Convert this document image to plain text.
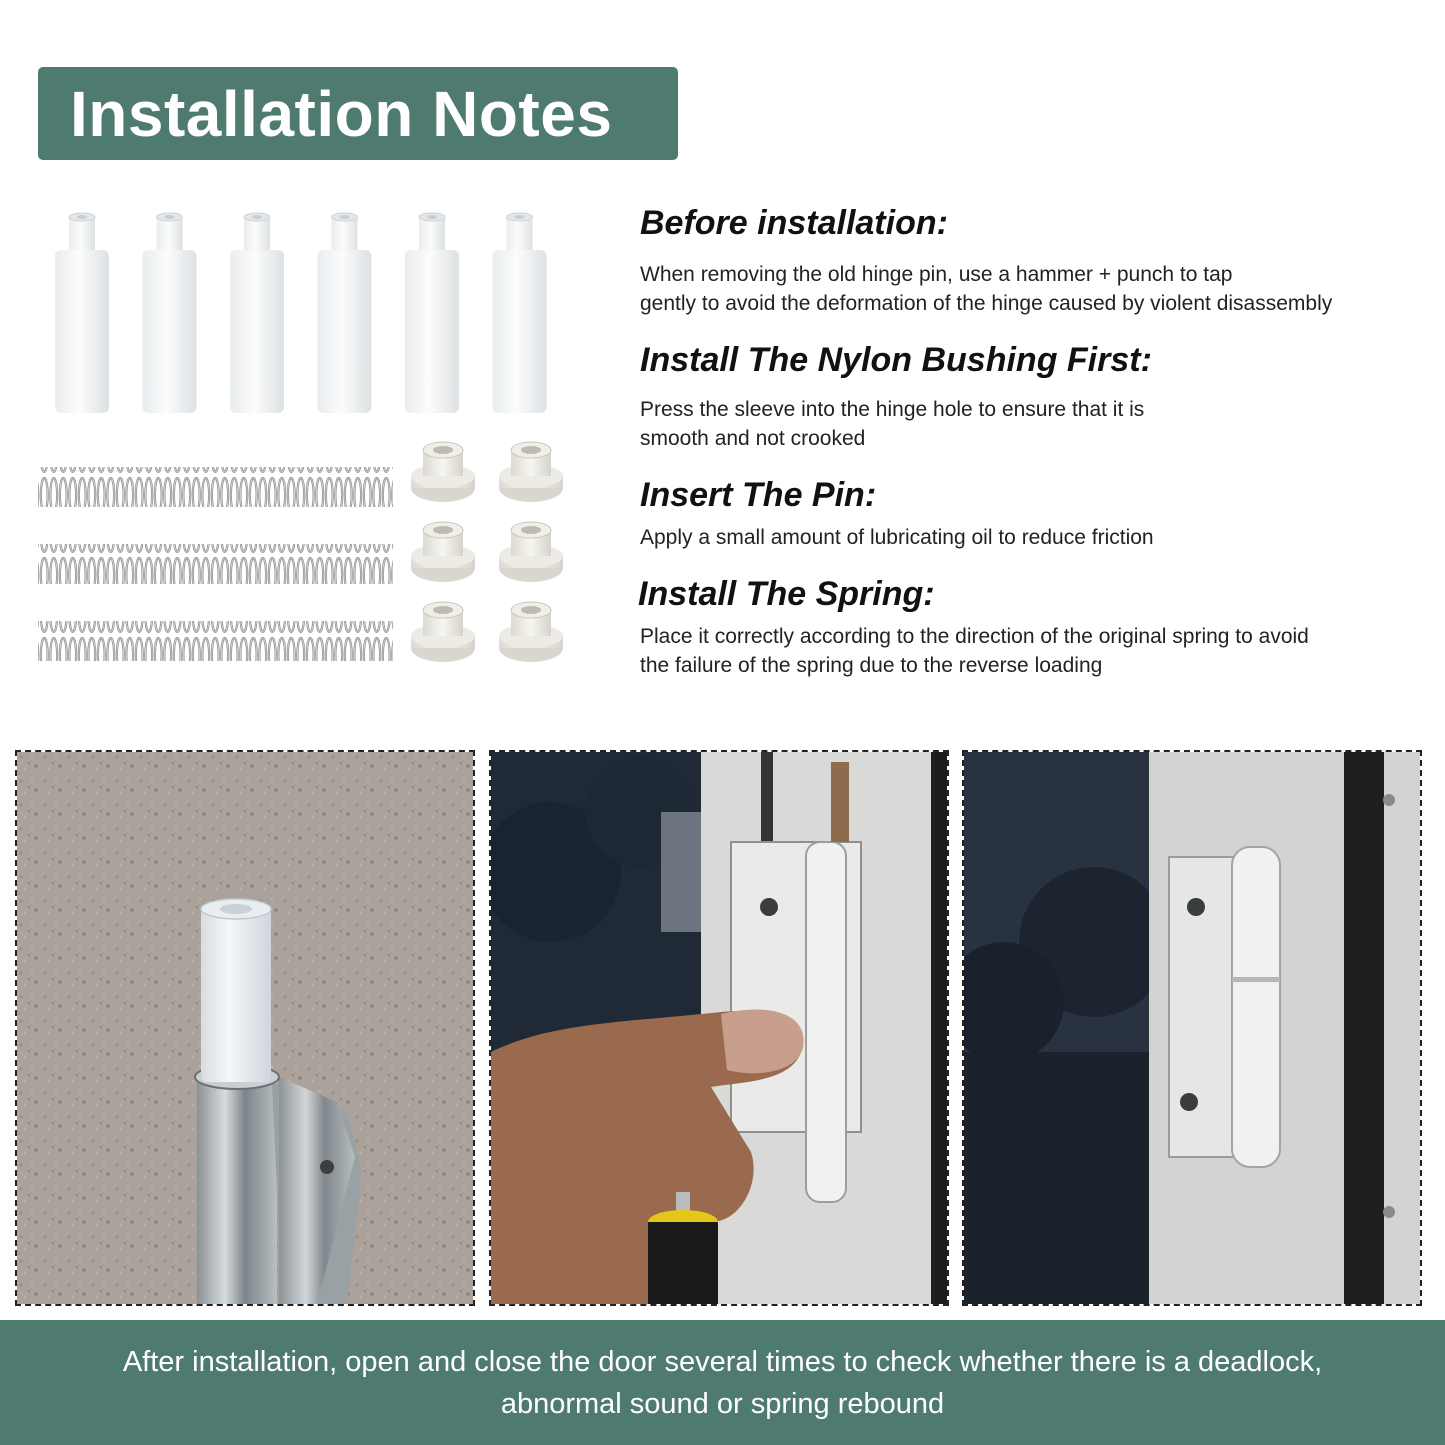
Installation Notes
Before installation:

When removing the old hinge pin, use a hammer + punch to tap
gently to avoid the deformation of the hinge caused by violent disassembly

Install The Nylon Bushing First:

Press the sleeve into the hinge hole to ensure that it is
smooth and not crooked

Insert The Pin:

Apply a small amount of lubricating oil to reduce friction

Install The Spring:

Place it correctly according to the direction of the original spring to avoid
the failure of the spring due to the reverse loading

After installation, open and close the door several times to check whether there is a deadlock,
abnormal sound or spring rebound
